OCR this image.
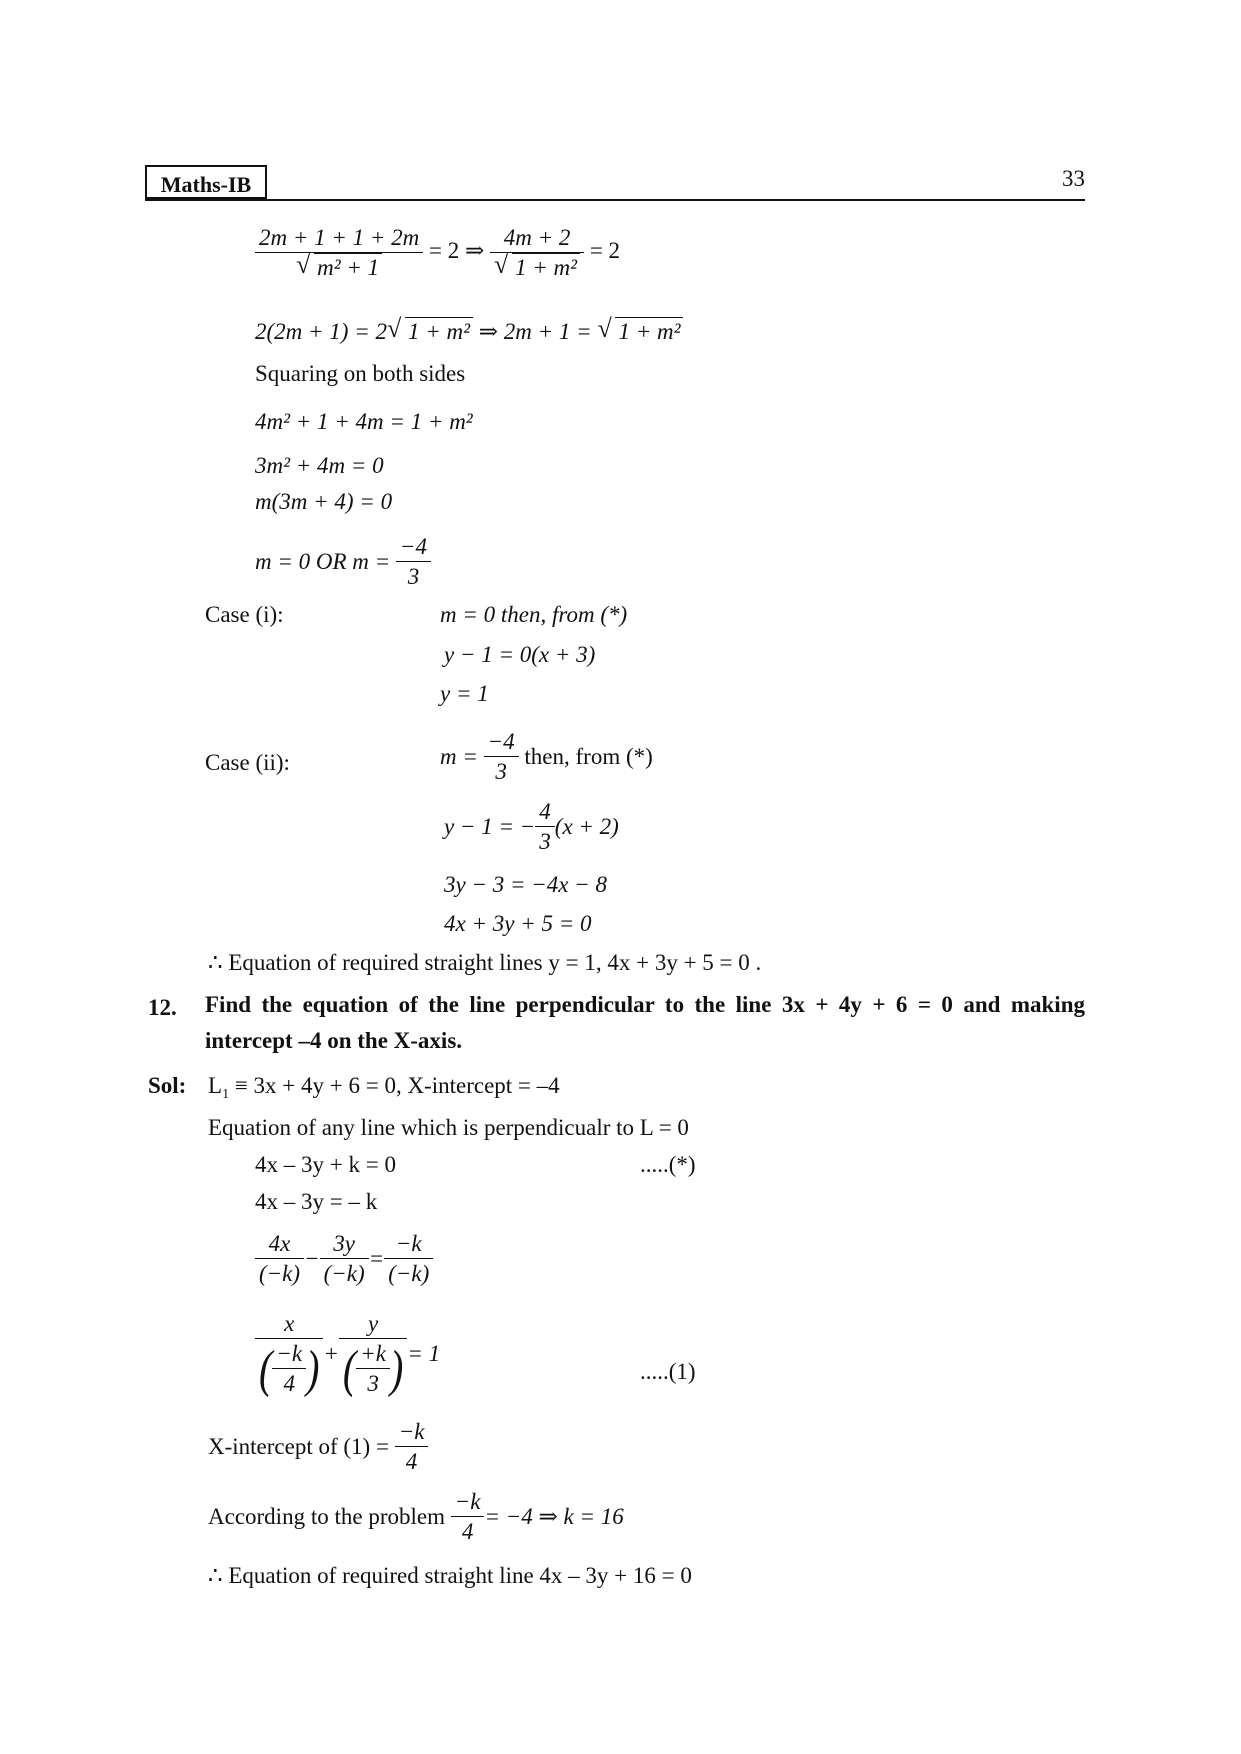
Maths-IB	33
$\frac{2m + 1 + 1 + 2m}{\text{√ m² + 1}} = 2$ ⇒ $\frac{4m + 2}{\text{√ 1 + m²}} = 2$
2(2m + 1) = 2 √ 1 + m² ⇒ 2m + 1 = √ 1 + m²
Squaring on both sides
4m² + 1 + 4m = 1 + m²
3m² + 4m = 0
m(3m + 4) = 0
m = 0 OR $m = \frac{-4}{3}$
Case (i):	m = 0 then, from (*)
y − 1 = 0(x + 3)
y = 1
Case (ii):	$m = \frac{-4}{3}$ then, from (*)
y − 1 = − $\frac{4}{3} (x + 2)$
3y − 3 = −4x − 8
4x + 3y + 5 = 0
∴ Equation of required straight lines y = 1, 4x + 3y + 5 = 0 .
12. Find the equation of the line perpendicular to the line 3x + 4y + 6 = 0 and making intercept –4 on the X-axis.
Sol: $L_1 \equiv 3x + 4y + 6 = 0$, X-intercept = –4
Equation of any line which is perpendicualr to L = 0
4x – 3y + k = 0	.....(*)
4x – 3y = – k
$\frac{4x}{(-k)} - \frac{3y}{(-k)} = \frac{-k}{(-k)}$
$\frac{x}{( \frac{-k}{4} )} + \frac{y}{( \frac{+k}{3} )} = 1$
.....(1)
X-intercept of $(1) = \frac{-k}{4}$
According to the problem $\frac{-k}{4} = -4$ ⇒ k = 16
∴ Equation of required straight line 4x – 3y + 16 = 0
